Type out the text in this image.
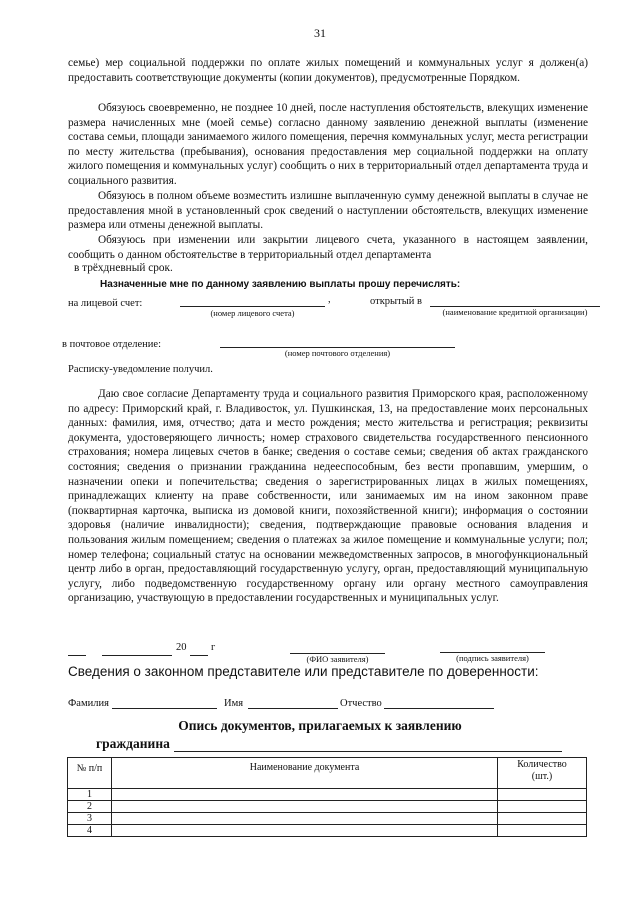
31
семье) мер социальной поддержки по оплате жилых помещений и коммунальных услуг я должен(а) предоставить соответствующие документы (копии документов), предусмотренные Порядком.
Обязуюсь своевременно, не позднее 10 дней, после наступления обстоятельств, влекущих изменение размера начисленных мне (моей семье) согласно данному заявлению денежной выплаты (изменение состава семьи, площади занимаемого жилого помещения, перечня коммунальных услуг, места регистрации по месту жительства (пребывания), основания предоставления мер социальной поддержки на оплату жилого помещения и коммунальных услуг) сообщить о них в территориальный отдел департамента труда и социального развития.
Обязуюсь в полном объеме возместить излишне выплаченную сумму денежной выплаты в случае не предоставления мной в установленный срок сведений о наступлении обстоятельств, влекущих изменение размера или отмены денежной выплаты.
Обязуюсь при изменении или закрытии лицевого счета, указанного в настоящем заявлении, сообщить о данном обстоятельстве в территориальный отдел департамента
в трёхдневный срок.
Назначенные мне по данному заявлению выплаты прошу перечислять:
на лицевой счет:	,
(номер лицевого счета)
открытый в
(наименование кредитной организации)
в почтовое отделение:
(номер почтового отделения)
Расписку-уведомление получил.
Даю свое согласие Департаменту труда и социального развития Приморского края, расположенному по адресу: Приморский край, г. Владивосток, ул. Пушкинская, 13, на предоставление моих персональных данных: фамилия, имя, отчество; дата и место рождения; место жительства и регистрация; реквизиты документа, удостоверяющего личность; номер страхового свидетельства государственного пенсионного страхования; номера лицевых счетов в банке; сведения о составе семьи; сведения об актах гражданского состояния; сведения о признании гражданина недееспособным, без вести пропавшим, умершим, о назначении опеки и попечительства; сведения о зарегистрированных лицах в жилых помещениях, принадлежащих клиенту на праве собственности, или занимаемых им на ином законном праве (поквартирная карточка, выписка из домовой книги, похозяйственной книги); информация о состоянии здоровья (наличие инвалидности); сведения, подтверждающие правовые основания владения и пользования жилым помещением; сведения о платежах за жилое помещение и коммунальные услуги; пол; номер телефона; социальный статус на основании межведомственных запросов, в многофункциональный центр либо в орган, предоставляющий государственную услугу, орган, предоставляющий муниципальную услугу, либо подведомственную государственному органу или органу местного самоуправления организацию, участвующую в предоставлении государственных и муниципальных услуг.
20 г
(ФИО заявителя)	(подпись заявителя)
Сведения о законном представителе или представителе по доверенности:
Фамилия	Имя	Отчество
Опись документов, прилагаемых к заявлению
гражданина
№ п/п	Наименование документа	Количество
(шт.)

1		
2		
3		
4		
